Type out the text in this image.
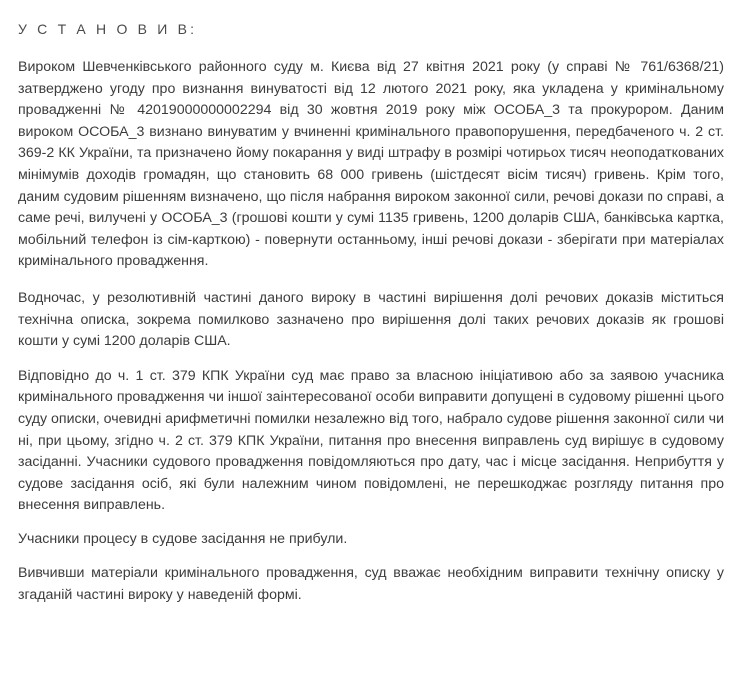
У С Т А Н О В И В:

Вироком Шевченківського районного суду м. Києва від 27 квітня 2021 року (у справі № 761/6368/21) затверджено угоду про визнання винуватості від 12 лютого 2021 року, яка укладена у кримінальному провадженні № 42019000000002294 від 30 жовтня 2019 року між ОСОБА_3 та прокурором. Даним вироком ОСОБА_3 визнано винуватим у вчиненні кримінального правопорушення, передбаченого ч. 2 ст. 369-2 КК України, та призначено йому покарання у виді штрафу в розмірі чотирьох тисяч неоподаткованих мінімумів доходів громадян, що становить 68 000 гривень (шістдесят вісім тисяч) гривень. Крім того, даним судовим рішенням визначено, що після набрання вироком законної сили, речові докази по справі, а саме речі, вилучені у ОСОБА_3 (грошові кошти у сумі 1135 гривень, 1200 доларів США, банківська картка, мобільний телефон із сім-карткою) - повернути останньому, інші речові докази - зберігати при матеріалах кримінального провадження.

Водночас, у резолютивній частині даного вироку в частині вирішення долі речових доказів міститься технічна описка, зокрема помилково зазначено про вирішення долі таких речових доказів як грошові кошти у сумі 1200 доларів США.

Відповідно до ч. 1 ст. 379 КПК України суд має право за власною ініціативою або за заявою учасника кримінального провадження чи іншої заінтересованої особи виправити допущені в судовому рішенні цього суду описки, очевидні арифметичні помилки незалежно від того, набрало судове рішення законної сили чи ні, при цьому, згідно ч. 2 ст. 379 КПК України, питання про внесення виправлень суд вирішує в судовому засіданні. Учасники судового провадження повідомляються про дату, час і місце засідання. Неприбуття у судове засідання осіб, які були належним чином повідомлені, не перешкоджає розгляду питання про внесення виправлень.

Учасники процесу в судове засідання не прибули.

Вивчивши матеріали кримінального провадження, суд вважає необхідним виправити технічну описку у згаданій частині вироку у наведеній формі.
